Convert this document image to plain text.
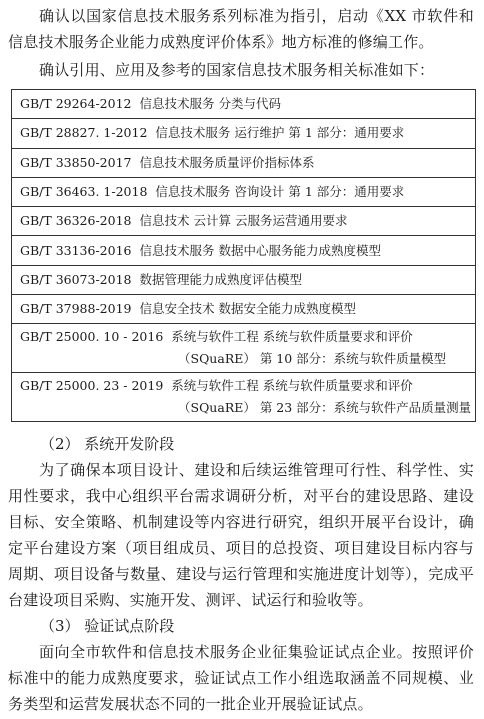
确认以国家信息技术服务系列标准为指引，启动《XX 市软件和信息技术服务企业能力成熟度评价体系》地方标准的修编工作。

确认引用、应用及参考的国家信息技术服务相关标准如下：

GB/T 29264-2012 信息技术服务 分类与代码
GB/T 28827. 1-2012 信息技术服务 运行维护 第 1 部分：通用要求
GB/T 33850-2017 信息技术服务质量评价指标体系
GB/T 36463. 1-2018 信息技术服务 咨询设计 第 1 部分：通用要求
GB/T 36326-2018 信息技术 云计算 云服务运营通用要求
GB/T 33136-2016 信息技术服务 数据中心服务能力成熟度模型
GB/T 36073-2018 数据管理能力成熟度评估模型
GB/T 37988-2019 信息安全技术 数据安全能力成熟度模型
GB/T 25000. 10 - 2016 系统与软件工程 系统与软件质量要求和评价
（SQuaRE） 第 10 部分：系统与软件质量模型

GB/T 25000. 23 - 2019 系统与软件工程 系统与软件质量要求和评价
（SQuaRE） 第 23 部分：系统与软件产品质量测量

（2） 系统开发阶段

为了确保本项目设计、建设和后续运维管理可行性、科学性、实用性要求，我中心组织平台需求调研分析，对平台的建设思路、建设目标、安全策略、机制建设等内容进行研究，组织开展平台设计，确定平台建设方案（项目组成员、项目的总投资、项目建设目标内容与周期、项目设备与数量、建设与运行管理和实施进度计划等），完成平台建设项目采购、实施开发、测评、试运行和验收等。

（3） 验证试点阶段

面向全市软件和信息技术服务企业征集验证试点企业。按照评价标准中的能力成熟度要求，验证试点工作小组选取涵盖不同规模、业务类型和运营发展状态不同的一批企业开展验证试点。
